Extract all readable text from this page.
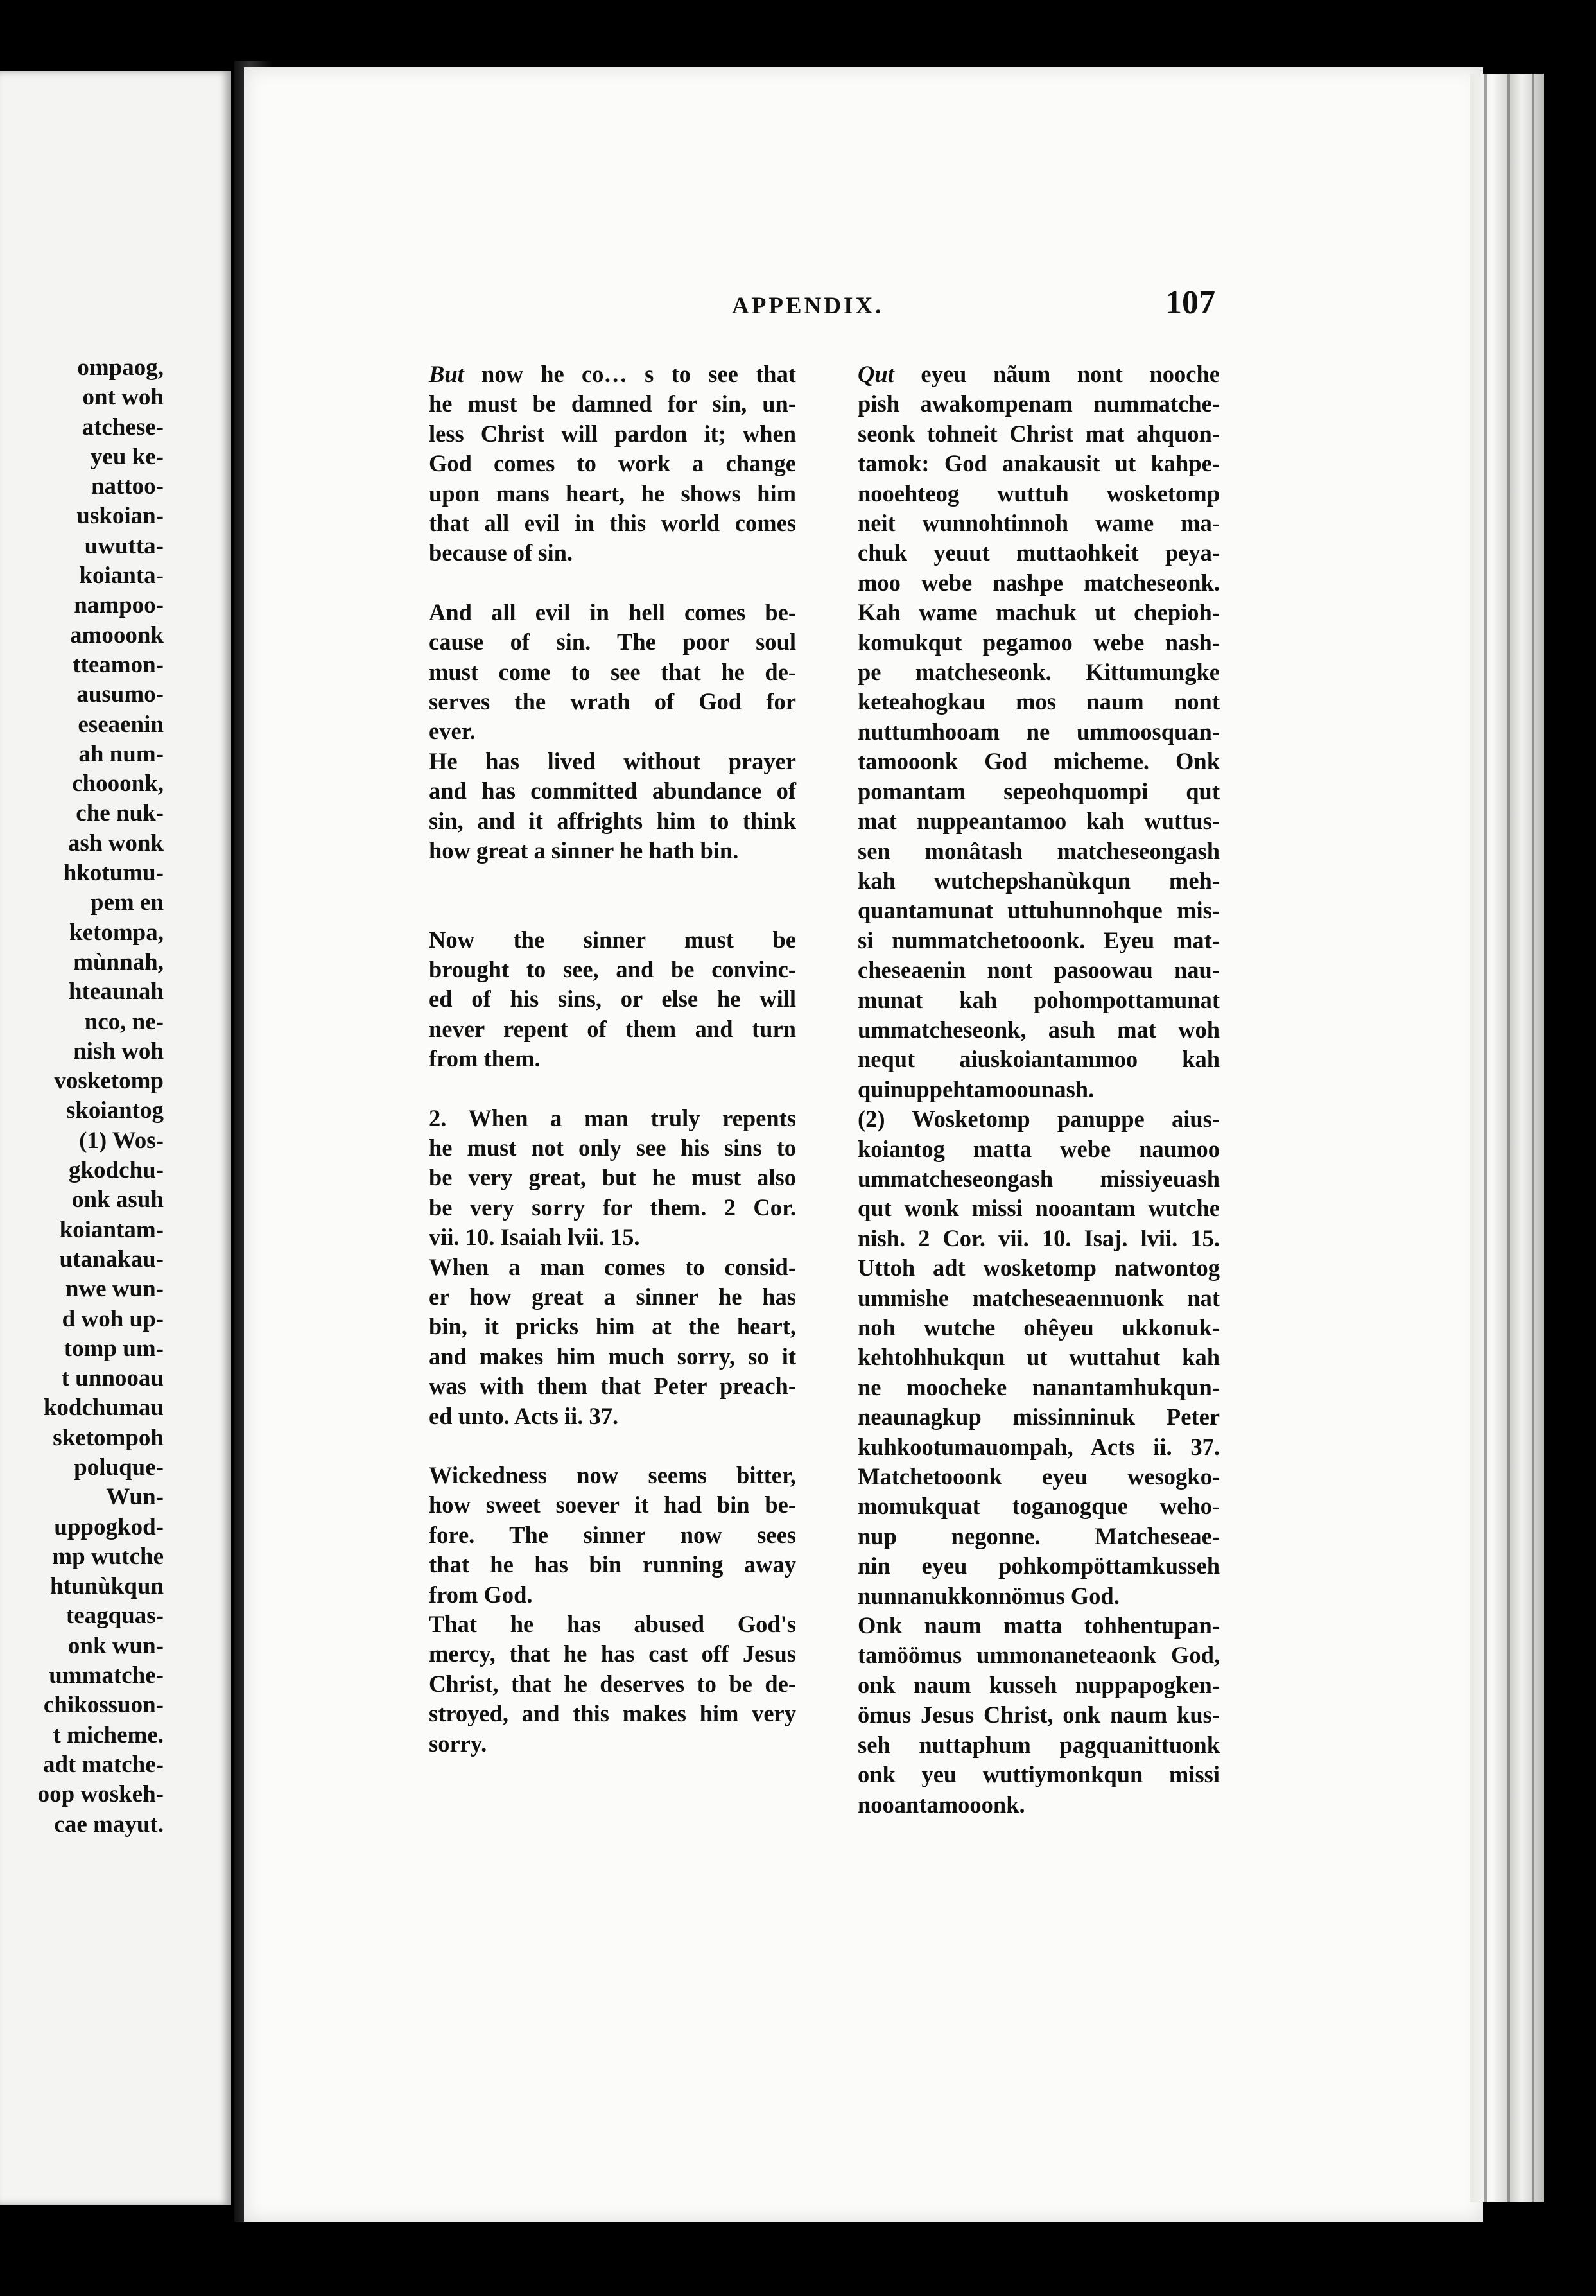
ompaog,
ont woh
atchese-
yeu ke-
nattoo-
uskoian-
uwutta-
koianta-
nampoo-
amooonk
tteamon-
ausumo-
eseaenin
ah num-
chooonk,
che nuk-
ash wonk
hkotumu-
pem en
ketompa,
mùnnah,
hteaunah
nco, ne-
nish woh
vosketomp
skoiantog
(1) Wos-
gkodchu-
onk asuh
koiantam-
utanakau-
nwe wun-
d woh up-
tomp um-
t unnooau
kodchumau
sketompoh
poluque-
Wun-
uppogkod-
mp wutche
htunùkqun
teagquas-
onk wun-
ummatche-
chikossuon-
t micheme.
adt matche-
oop woskeh-
cae mayut.
APPENDIX.	107

But now he co… s to see that
he must be damned for sin, un-
less Christ will pardon it; when
God comes to work a change
upon mans heart, he shows him
that all evil in this world comes
because of sin.

And all evil in hell comes be-
cause of sin. The poor soul
must come to see that he de-
serves the wrath of God for
ever.

He has lived without prayer
and has committed abundance of
sin, and it affrights him to think
how great a sinner he hath bin.

Now the sinner must be
brought to see, and be convinc-
ed of his sins, or else he will
never repent of them and turn
from them.

2. When a man truly repents
he must not only see his sins to
be very great, but he must also
be very sorry for them. 2 Cor.
vii. 10. Isaiah lvii. 15.

When a man comes to consid-
er how great a sinner he has
bin, it pricks him at the heart,
and makes him much sorry, so it
was with them that Peter preach-
ed unto. Acts ii. 37.

Wickedness now seems bitter,
how sweet soever it had bin be-
fore. The sinner now sees
that he has bin running away
from God.

That he has abused God's
mercy, that he has cast off Jesus
Christ, that he deserves to be de-
stroyed, and this makes him very
sorry.

Qut eyeu nãum nont nooche
pish awakompenam nummatche-
seonk tohneit Christ mat ahquon-
tamok: God anakausit ut kahpe-
nooehteog wuttuh wosketomp
neit wunnohtinnoh wame ma-
chuk yeuut muttaohkeit peya-
moo webe nashpe matcheseonk.
Kah wame machuk ut chepioh-
komukqut pegamoo webe nash-
pe matcheseonk. Kittumungke
keteahogkau mos naum nont
nuttumhooam ne ummoosquan-
tamooonk God micheme. Onk
pomantam sepeohquompi qut
mat nuppeantamoo kah wuttus-
sen monâtash matcheseongash
kah wutchepshanùkqun meh-
quantamunat uttuhunnohque mis-
si nummatchetooonk. Eyeu mat-
cheseaenin nont pasoowau nau-
munat kah pohompottamunat
ummatcheseonk, asuh mat woh
nequt aiuskoiantammoo kah
quinuppehtamoounash.

(2) Wosketomp panuppe aius-
koiantog matta webe naumoo
ummatcheseongash missiyeuash
qut wonk missi nooantam wutche
nish. 2 Cor. vii. 10. Isaj. lvii. 15.
Uttoh adt wosketomp natwontog
ummishe matcheseaennuonk nat
noh wutche ohêyeu ukkonuk-
kehtohhukqun ut wuttahut kah
ne moocheke nanantamhukqun-
neaunagkup missinninuk Peter
kuhkootumauompah, Acts ii. 37.
Matchetooonk eyeu wesogko-
momukquat toganogque weho-
nup negonne. Matcheseae-
nin eyeu pohkompöttamkusseh
nunnanukkonnömus God.

Onk naum matta tohhentupan-
tamöömus ummonaneteaonk God,
onk naum kusseh nuppapogken-
ömus Jesus Christ, onk naum kus-
seh nuttaphum pagquanittuonk
onk yeu wuttiymonkqun missi
nooantamooonk.
